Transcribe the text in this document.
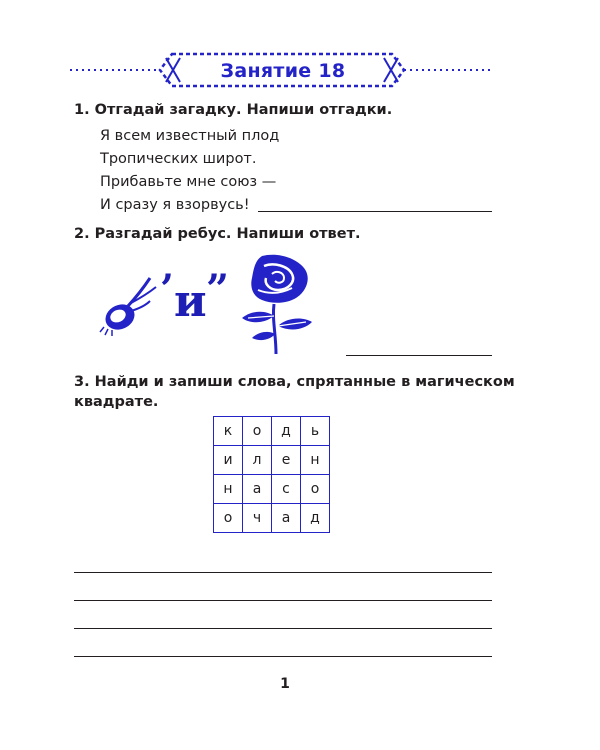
Занятие 18
1. Отгадай загадку. Напиши отгадки.
Я всем известный плод
Тропических широт.
Прибавьте мне союз —
И сразу я взорвусь!
2. Разгадай ребус. Напиши ответ.
’ и ”
3. Найди и запиши слова, спрятанные в магическом
квадрате.
к	о	д	ь
и	л	е	н
н	а	с	о
о	ч	а	д
1
